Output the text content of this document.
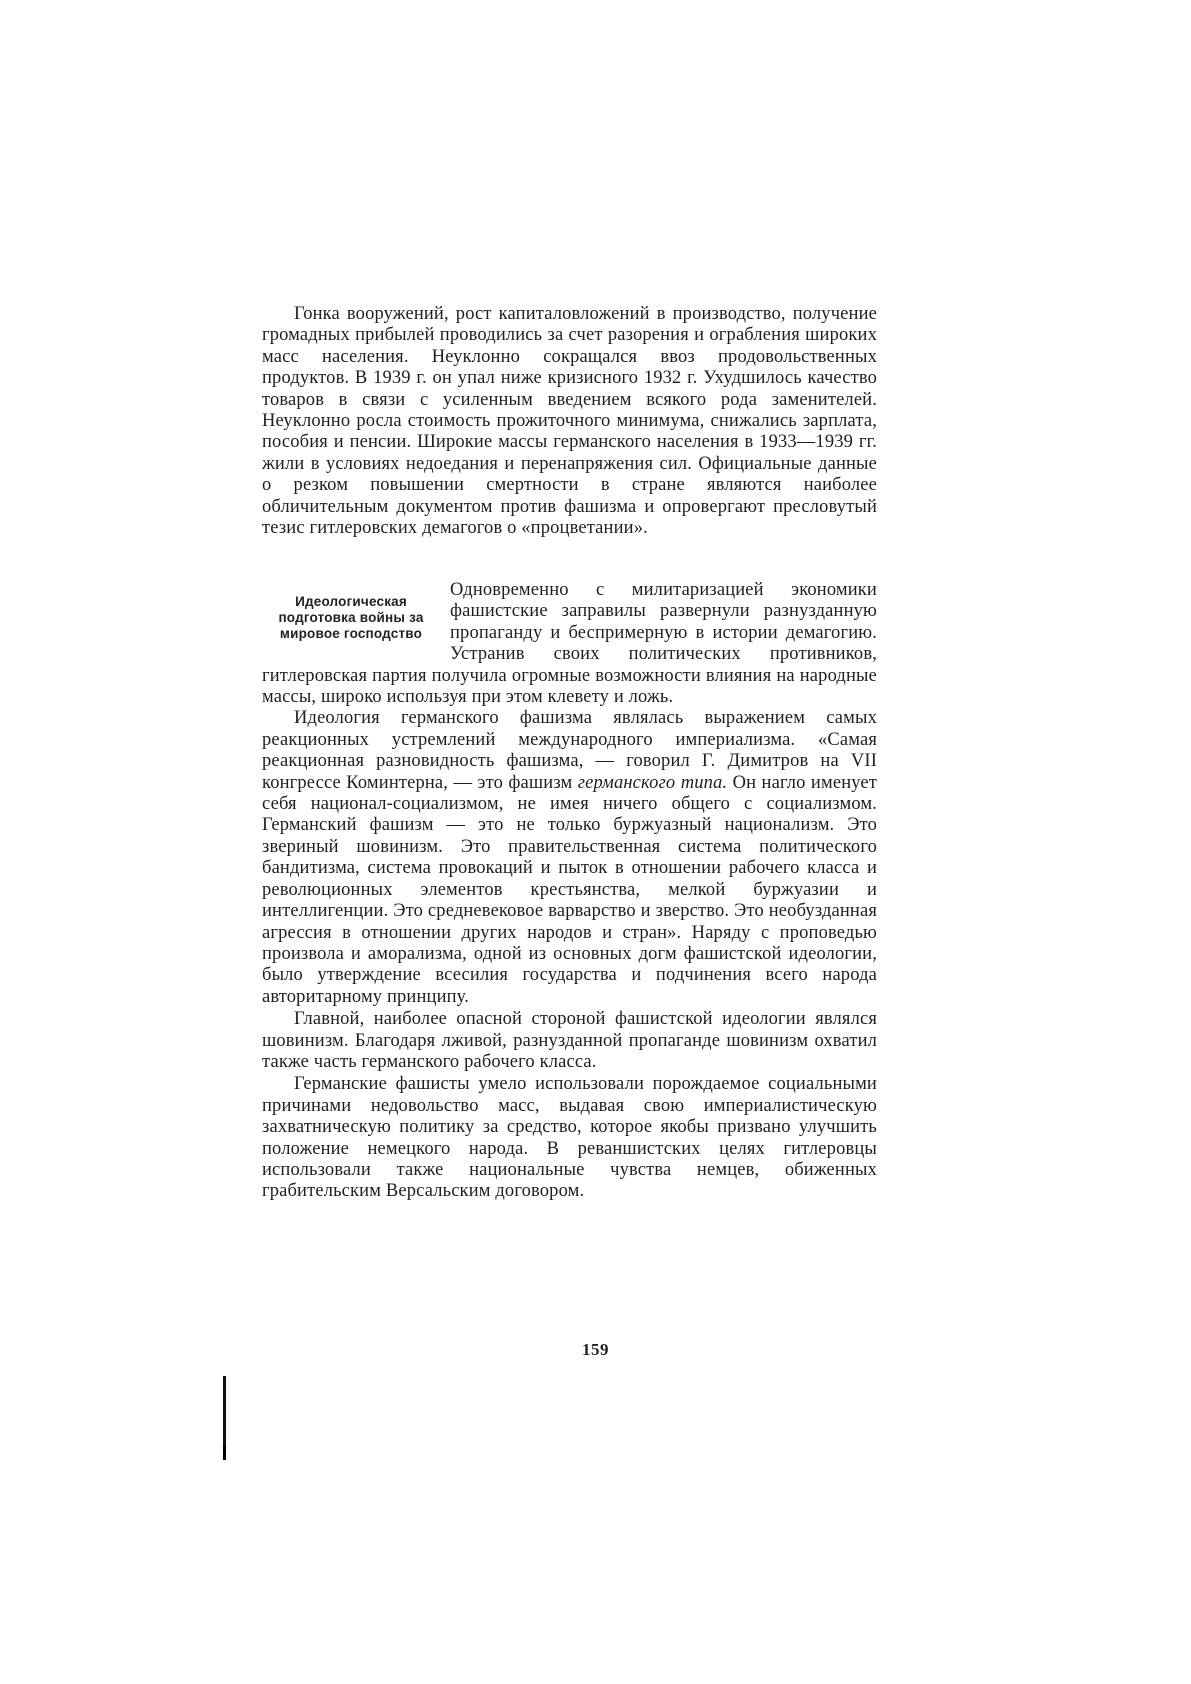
Гонка вооружений, рост капиталовложений в производство, получение громадных прибылей проводились за счет разорения и ограбления широких масс населения. Неуклонно сокращался ввоз продовольственных продуктов. В 1939 г. он упал ниже кризисного 1932 г. Ухудшилось качество товаров в связи с усиленным введением всякого рода заменителей. Неуклонно росла стоимость прожиточного минимума, снижались зарплата, пособия и пенсии. Широкие массы германского населения в 1933—1939 гг. жили в условиях недоедания и перенапряжения сил. Официальные данные о резком повышении смертности в стране являются наиболее обличительным документом против фашизма и опровергают пресловутый тезис гитлеровских демагогов о «процветании».

Идеологическая подготовка войны за мировое господство

Одновременно с милитаризацией экономики фашистские заправилы развернули разнузданную пропаганду и беспримерную в истории демагогию. Устранив своих политических противников, гитлеровская партия получила огромные возможности влияния на народные массы, широко используя при этом клевету и ложь.

Идеология германского фашизма являлась выражением самых реакционных устремлений международного империализма. «Самая реакционная разновидность фашизма, — говорил Г. Димитров на VII конгрессе Коминтерна, — это фашизм германского типа. Он нагло именует себя национал-социализмом, не имея ничего общего с социализмом. Германский фашизм — это не только буржуазный национализм. Это звериный шовинизм. Это правительственная система политического бандитизма, система провокаций и пыток в отношении рабочего класса и революционных элементов крестьянства, мелкой буржуазии и интеллигенции. Это средневековое варварство и зверство. Это необузданная агрессия в отношении других народов и стран». Наряду с проповедью произвола и аморализма, одной из основных догм фашистской идеологии, было утверждение всесилия государства и подчинения всего народа авторитарному принципу.

Главной, наиболее опасной стороной фашистской идеологии являлся шовинизм. Благодаря лживой, разнузданной пропаганде шовинизм охватил также часть германского рабочего класса.

Германские фашисты умело использовали порождаемое социальными причинами недовольство масс, выдавая свою империалистическую захватническую политику за средство, которое якобы призвано улучшить положение немецкого народа. В реваншистских целях гитлеровцы использовали также национальные чувства немцев, обиженных грабительским Версальским договором.

159
